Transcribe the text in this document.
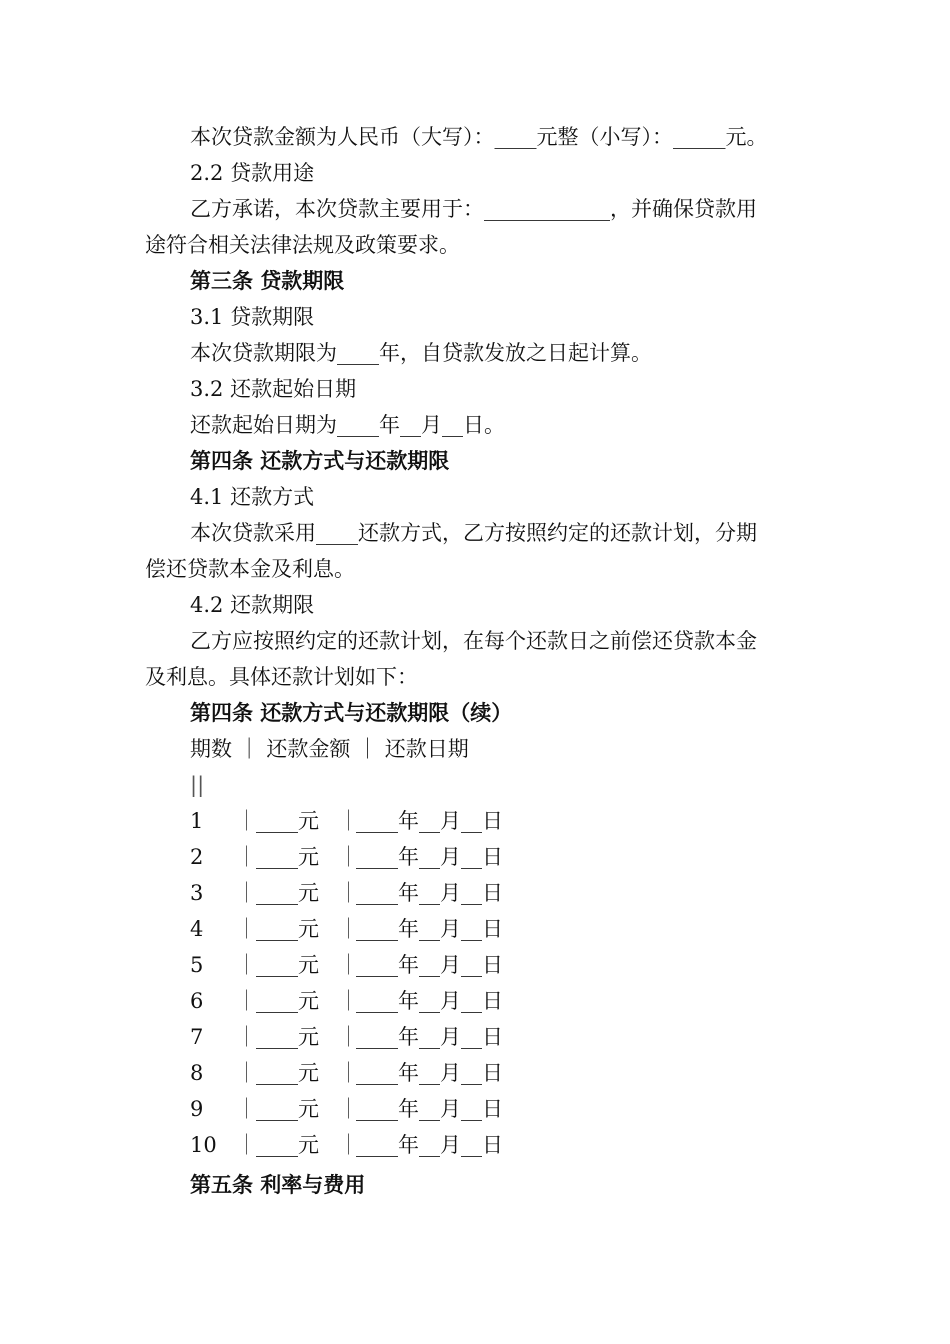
本次贷款金额为人民币（大写）：____元整（小写）：_____元。
2.2 贷款用途
乙方承诺，本次贷款主要用于：____________，并确保贷款用
途符合相关法律法规及政策要求。
第三条 贷款期限
3.1 贷款期限
本次贷款期限为____年，自贷款发放之日起计算。
3.2 还款起始日期
还款起始日期为____年__月__日。
第四条 还款方式与还款期限
4.1 还款方式
本次贷款采用____还款方式，乙方按照约定的还款计划，分期
偿还贷款本金及利息。
4.2 还款期限
乙方应按照约定的还款计划，在每个还款日之前偿还贷款本金
及利息。具体还款计划如下：
第四条 还款方式与还款期限（续）
期数 ｜ 还款金额 ｜ 还款日期
||
1 ｜ ____元 ｜
____年__月__日
2 ｜ ____元 ｜
____年__月__日
3 ｜ ____元 ｜
____年__月__日
4 ｜ ____元 ｜
____年__月__日
5 ｜ ____元 ｜
____年__月__日
6 ｜ ____元 ｜
____年__月__日
7 ｜ ____元 ｜
____年__月__日
8 ｜ ____元 ｜
____年__月__日
9 ｜ ____元 ｜
____年__月__日
10 ｜ ____元 ｜
____年__月__日
第五条 利率与费用
